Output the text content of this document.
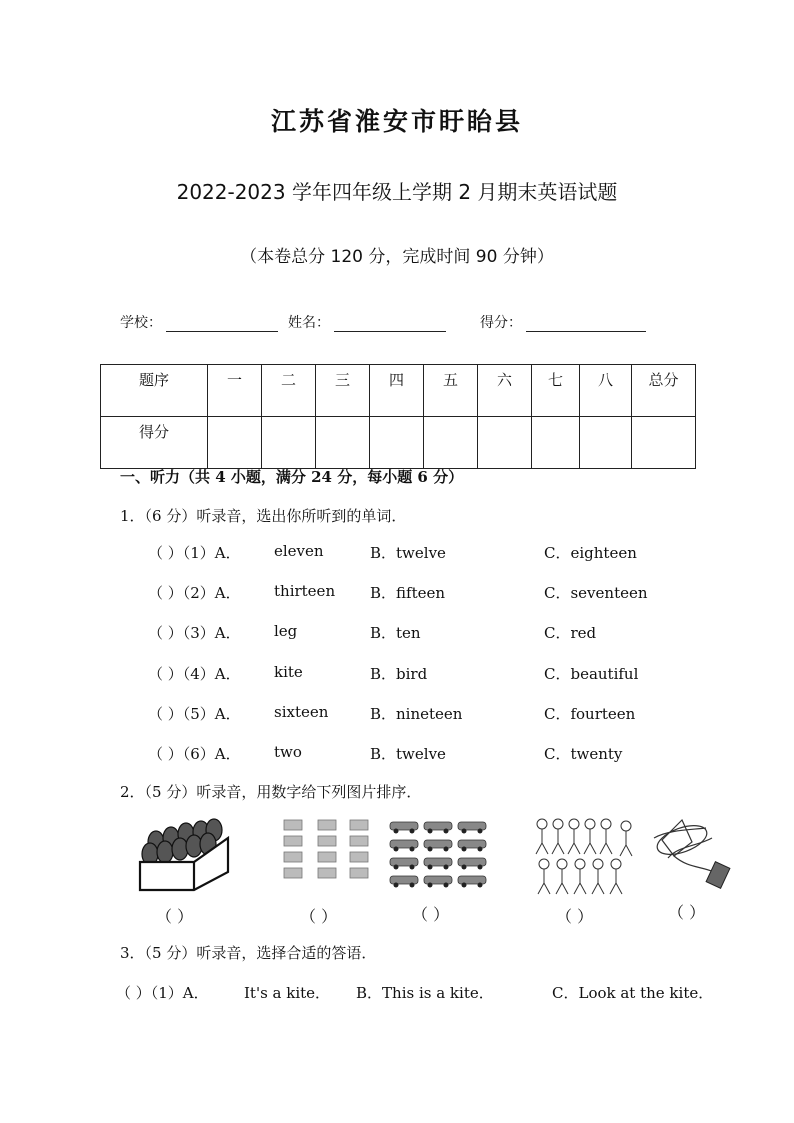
江苏省淮安市盱眙县
2022-2023 学年四年级上学期 2 月期末英语试题
（本卷总分 120 分，完成时间 90 分钟）
学校：	姓名：	得分：
题序	一	二	三	四	五	六	七	八	总分
得分									
一、听力（共 4 小题，满分 24 分，每小题 6 分）
1．（6 分）听录音，选出你所听到的单词．
（ ）（1）A． eleven	B．twelve	C．eighteen
（ ）（2）A． thirteen B．fifteen	C．seventeen
（ ）（3）A． leg	B．ten	C．red
（ ）（4）A． kite	B．bird	C．beautiful
（ ）（5）A． sixteen	B．nineteen	C．fourteen
（ ）（6）A． two	B．twelve	C．twenty
2．（5 分）听录音，用数字给下列图片排序．
（ ）	（ ）	（ ）	（ ）	（ ）
3．（5 分）听录音，选择合适的答语．
（ ）（1）A． It's a kite． B．This is a kite．	C．Look at the kite．
